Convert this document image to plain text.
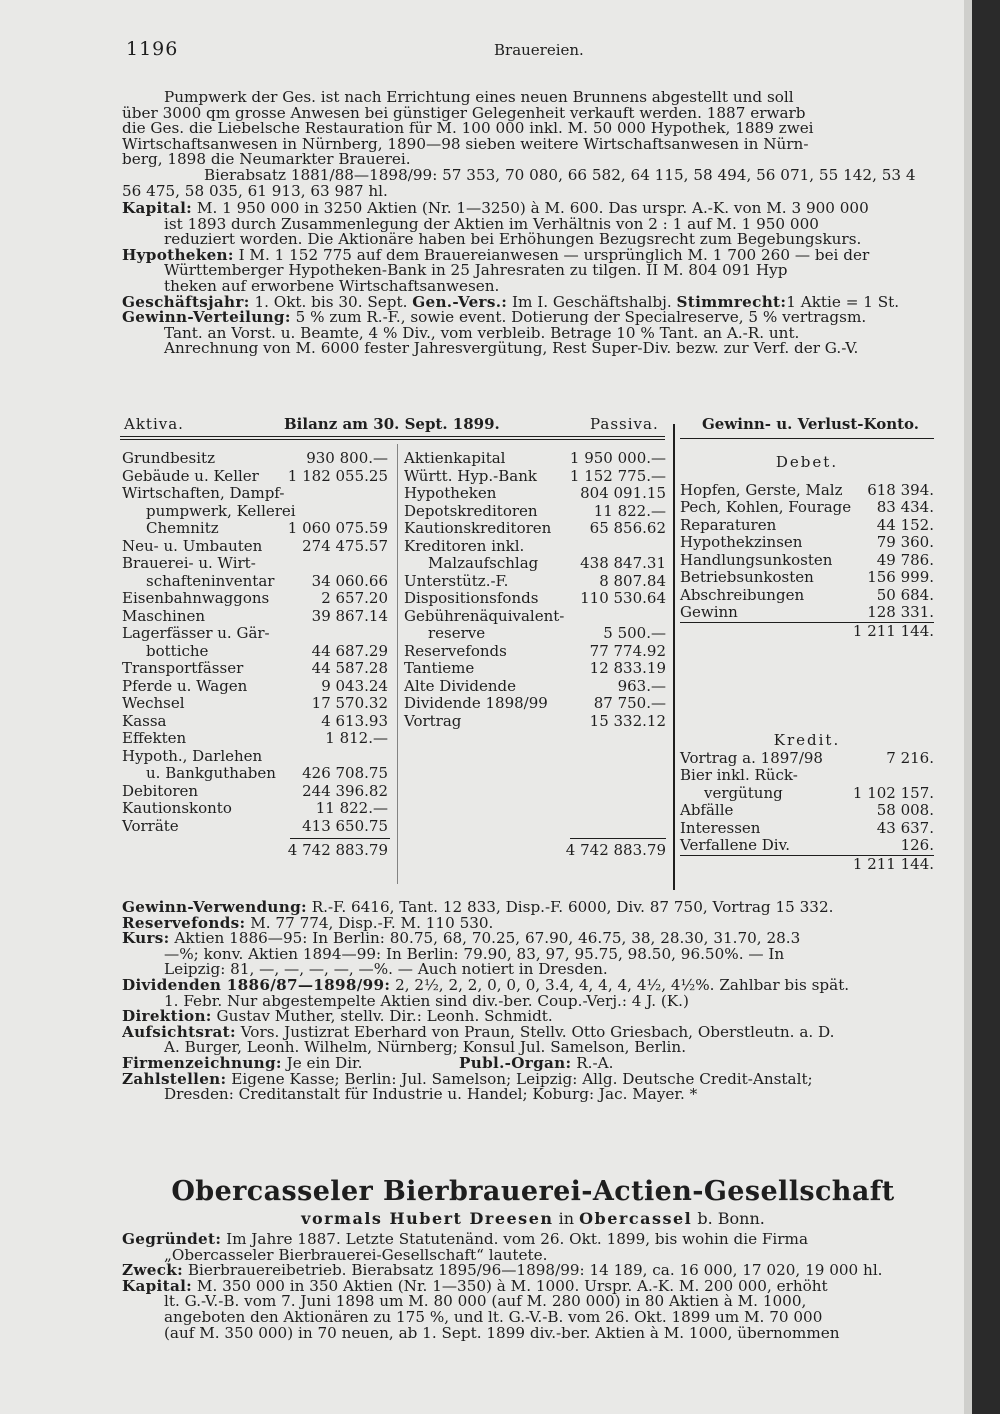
1196	Brauereien.
Pumpwerk der Ges. ist nach Errichtung eines neuen Brunnens abgestellt und soll
über 3000 qm grosse Anwesen bei günstiger Gelegenheit verkauft werden. 1887 erwarb
die Ges. die Liebelsche Restauration für M. 100 000 inkl. M. 50 000 Hypothek, 1889 zwei
Wirtschaftsanwesen in Nürnberg, 1890—98 sieben weitere Wirtschaftsanwesen in Nürn-
berg, 1898 die Neumarkter Brauerei.
Bierabsatz 1881/88—1898/99: 57 353, 70 080, 66 582, 64 115, 58 494, 56 071, 55 142, 53 4
56 475, 58 035, 61 913, 63 987 hl.
Kapital: M. 1 950 000 in 3250 Aktien (Nr. 1—3250) à M. 600. Das urspr. A.-K. von M. 3 900 000
ist 1893 durch Zusammenlegung der Aktien im Verhältnis von 2 : 1 auf M. 1 950 000
reduziert worden. Die Aktionäre haben bei Erhöhungen Bezugsrecht zum Begebungskurs.
Hypotheken: I M. 1 152 775 auf dem Brauereianwesen — ursprünglich M. 1 700 260 — bei der
Württemberger Hypotheken-Bank in 25 Jahresraten zu tilgen. II M. 804 091 Hyp
theken auf erworbene Wirtschaftsanwesen.
Geschäftsjahr: 1. Okt. bis 30. Sept. Gen.-Vers.: Im I. Geschäftshalbj. Stimmrecht:1 Aktie = 1 St.
Gewinn-Verteilung: 5 % zum R.-F., sowie event. Dotierung der Specialreserve, 5 % vertragsm.
Tant. an Vorst. u. Beamte, 4 % Div., vom verbleib. Betrage 10 % Tant. an A.-R. unt.
Anrechnung von M. 6000 fester Jahresvergütung, Rest Super-Div. bezw. zur Verf. der G.-V.
Aktiva.	Bilanz am 30. Sept. 1899.	Passiva.	Gewinn- u. Verlust-Konto.
Grundbesitz	930 800.—
Gebäude u. Keller 1 182 055.25
Wirtschaften, Dampf-
pumpwerk, Kellerei
Chemnitz	1 060 075.59
Neu- u. Umbauten	274 475.57
Brauerei- u. Wirt-
schafteninventar 34 060.66
Eisenbahnwaggons	2 657.20
Maschinen	39 867.14
Lagerfässer u. Gär-
bottiche	44 687.29
Transportfässer	44 587.28
Pferde u. Wagen	9 043.24
Wechsel	17 570.32
Kassa	4 613.93
Effekten	1 812.—
Hypoth., Darlehen
u. Bankguthaben 426 708.75
Debitoren	244 396.82
Kautionskonto	11 822.—
Vorräte	413 650.75
4 742 883.79
Aktienkapital	1 950 000.—
Württ. Hyp.-Bank 1 152 775.—
Hypotheken	804 091.15
Depotskreditoren	11 822.—
Kautionskreditoren	65 856.62
Kreditoren inkl.
Malzaufschlag	438 847.31
Unterstütz.-F.	8 807.84
Dispositionsfonds	110 530.64
Gebührenäquivalent-
reserve	5 500.—
Reservefonds	77 774.92
Tantieme	12 833.19
Alte Dividende	963.—
Dividende 1898/99	87 750.—
Vortrag	15 332.12
4 742 883.79
Debet.
Hopfen, Gerste, Malz 618 394.
Pech, Kohlen, Fourage 83 434.
Reparaturen	44 152.
Hypothekzinsen	79 360.
Handlungsunkosten	49 786.
Betriebsunkosten	156 999.
Abschreibungen	50 684.
Gewinn	128 331.
1 211 144.
Kredit.
Vortrag a. 1897/98	7 216.
Bier inkl. Rück-
vergütung	1 102 157.
Abfälle	58 008.
Interessen	43 637.
Verfallene Div.	126.
1 211 144.
Gewinn-Verwendung: R.-F. 6416, Tant. 12 833, Disp.-F. 6000, Div. 87 750, Vortrag 15 332.
Reservefonds: M. 77 774, Disp.-F. M. 110 530.
Kurs: Aktien 1886—95: In Berlin: 80.75, 68, 70.25, 67.90, 46.75, 38, 28.30, 31.70, 28.3
—%; konv. Aktien 1894—99: In Berlin: 79.90, 83, 97, 95.75, 98.50, 96.50%. — In
Leipzig: 81, —, —, —, —, —%. — Auch notiert in Dresden.
Dividenden 1886/87—1898/99: 2, 2½, 2, 2, 0, 0, 0, 3.4, 4, 4, 4, 4½, 4½%. Zahlbar bis spät.
1. Febr. Nur abgestempelte Aktien sind div.-ber. Coup.-Verj.: 4 J. (K.)
Direktion: Gustav Muther, stellv. Dir.: Leonh. Schmidt.
Aufsichtsrat: Vors. Justizrat Eberhard von Praun, Stellv. Otto Griesbach, Oberstleutn. a. D.
A. Burger, Leonh. Wilhelm, Nürnberg; Konsul Jul. Samelson, Berlin.
Firmenzeichnung: Je ein Dir.	Publ.-Organ: R.-A.
Zahlstellen: Eigene Kasse; Berlin: Jul. Samelson; Leipzig: Allg. Deutsche Credit-Anstalt;
Dresden: Creditanstalt für Industrie u. Handel; Koburg: Jac. Mayer. *
Obercasseler Bierbrauerei-Actien-Gesellschaft
vormals Hubert Dreesen in Obercassel b. Bonn.
Gegründet: Im Jahre 1887. Letzte Statutenänd. vom 26. Okt. 1899, bis wohin die Firma
„Obercasseler Bierbrauerei-Gesellschaft“ lautete.
Zweck: Bierbrauereibetrieb. Bierabsatz 1895/96—1898/99: 14 189, ca. 16 000, 17 020, 19 000 hl.
Kapital: M. 350 000 in 350 Aktien (Nr. 1—350) à M. 1000. Urspr. A.-K. M. 200 000, erhöht
lt. G.-V.-B. vom 7. Juni 1898 um M. 80 000 (auf M. 280 000) in 80 Aktien à M. 1000,
angeboten den Aktionären zu 175 %, und lt. G.-V.-B. vom 26. Okt. 1899 um M. 70 000
(auf M. 350 000) in 70 neuen, ab 1. Sept. 1899 div.-ber. Aktien à M. 1000, übernommen
